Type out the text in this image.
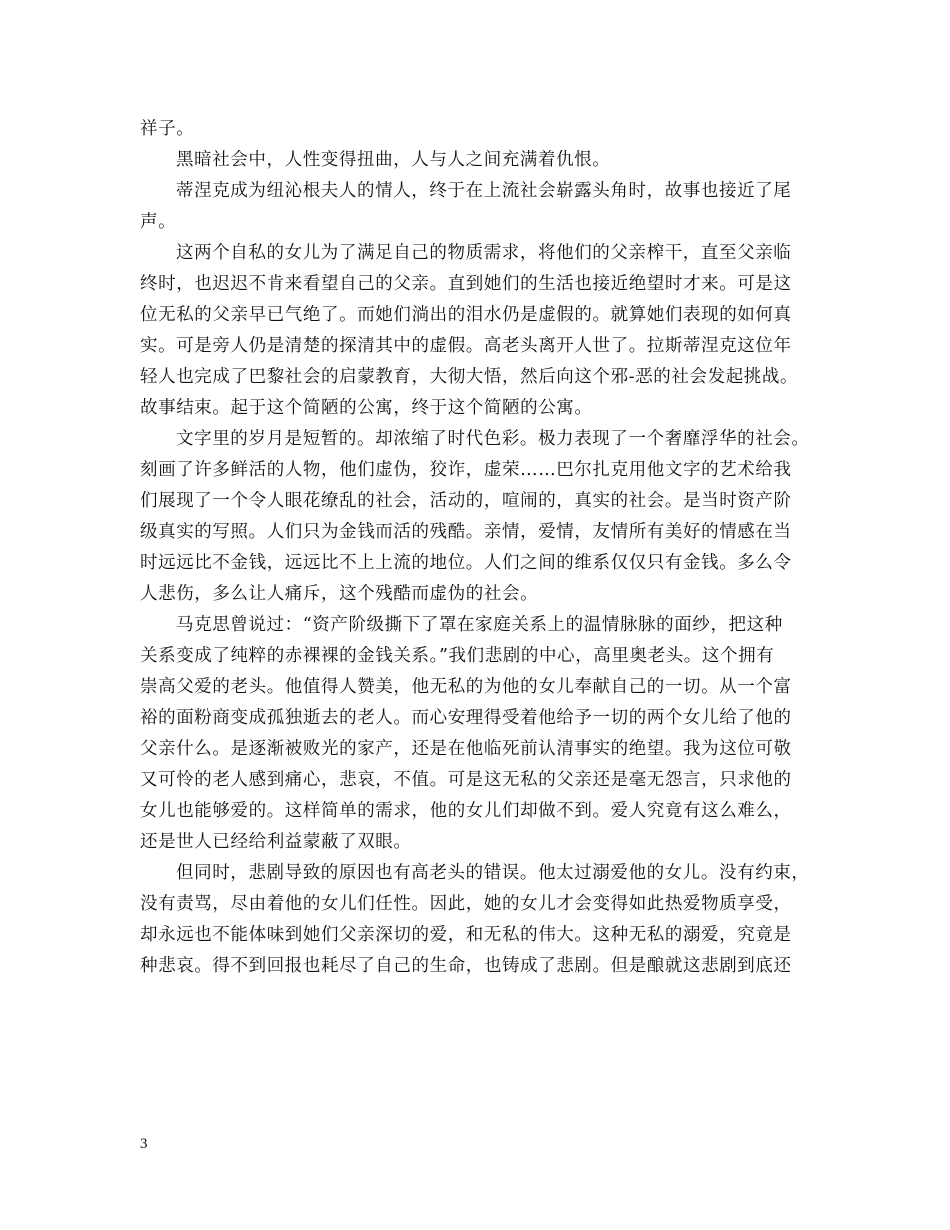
祥子。
黑暗社会中，人性变得扭曲，人与人之间充满着仇恨。
蒂涅克成为纽沁根夫人的情人，终于在上流社会崭露头角时，故事也接近了尾
声。
这两个自私的女儿为了满足自己的物质需求，将他们的父亲榨干，直至父亲临
终时，也迟迟不肯来看望自己的父亲。直到她们的生活也接近绝望时才来。可是这
位无私的父亲早已气绝了。而她们淌出的泪水仍是虚假的。就算她们表现的如何真
实。可是旁人仍是清楚的探清其中的虚假。高老头离开人世了。拉斯蒂涅克这位年
轻人也完成了巴黎社会的启蒙教育，大彻大悟，然后向这个邪-恶的社会发起挑战。
故事结束。起于这个简陋的公寓，终于这个简陋的公寓。
文字里的岁月是短暂的。却浓缩了时代色彩。极力表现了一个奢靡浮华的社会。
刻画了许多鲜活的人物，他们虚伪，狡诈，虚荣……巴尔扎克用他文字的艺术给我
们展现了一个令人眼花缭乱的社会，活动的，喧闹的，真实的社会。是当时资产阶
级真实的写照。人们只为金钱而活的残酷。亲情，爱情，友情所有美好的情感在当
时远远比不金钱，远远比不上上流的地位。人们之间的维系仅仅只有金钱。多么令
人悲伤，多么让人痛斥，这个残酷而虚伪的社会。
马克思曾说过：“资产阶级撕下了罩在家庭关系上的温情脉脉的面纱，把这种
关系变成了纯粹的赤裸裸的金钱关系。”我们悲剧的中心，高里奥老头。这个拥有
崇高父爱的老头。他值得人赞美，他无私的为他的女儿奉献自己的一切。从一个富
裕的面粉商变成孤独逝去的老人。而心安理得受着他给予一切的两个女儿给了他的
父亲什么。是逐渐被败光的家产，还是在他临死前认清事实的绝望。我为这位可敬
又可怜的老人感到痛心，悲哀，不值。可是这无私的父亲还是毫无怨言，只求他的
女儿也能够爱的。这样简单的需求，他的女儿们却做不到。爱人究竟有这么难么，
还是世人已经给利益蒙蔽了双眼。
但同时，悲剧导致的原因也有高老头的错误。他太过溺爱他的女儿。没有约束，
没有责骂，尽由着他的女儿们任性。因此，她的女儿才会变得如此热爱物质享受，
却永远也不能体味到她们父亲深切的爱，和无私的伟大。这种无私的溺爱，究竟是
种悲哀。得不到回报也耗尽了自己的生命，也铸成了悲剧。但是酿就这悲剧到底还
3
